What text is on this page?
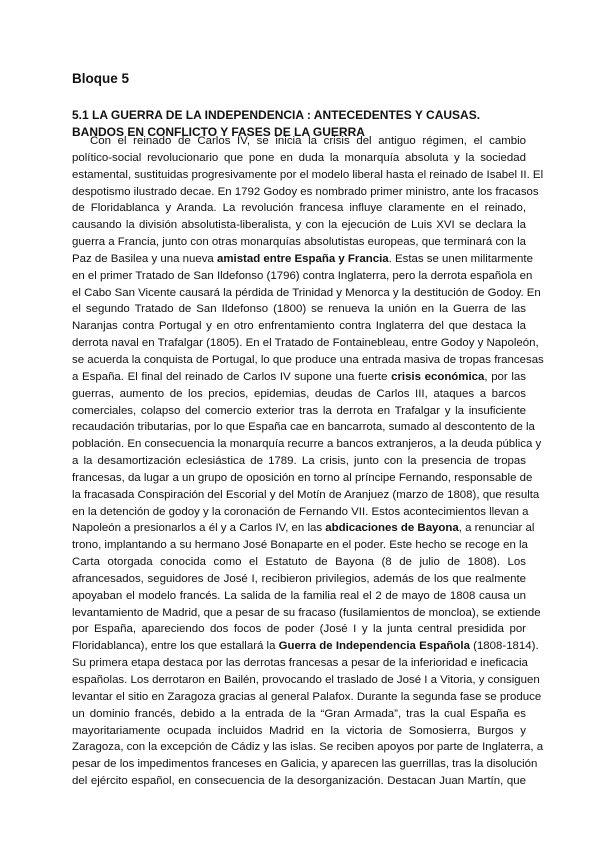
Bloque 5
5.1 LA GUERRA DE LA INDEPENDENCIA : ANTECEDENTES Y CAUSAS.
BANDOS EN CONFLICTO Y FASES DE LA GUERRA
Con el reinado de Carlos IV, se inicia la crisis del antiguo régimen, el cambio
político-social revolucionario que pone en duda la monarquía absoluta y la sociedad
estamental, sustituidas progresivamente por el modelo liberal hasta el reinado de Isabel II. El
despotismo ilustrado decae. En 1792 Godoy es nombrado primer ministro, ante los fracasos
de Floridablanca y Aranda. La revolución francesa influye claramente en el reinado,
causando la división absolutista-liberalista, y con la ejecución de Luis XVI se declara la
guerra a Francia, junto con otras monarquías absolutistas europeas, que terminará con la
Paz de Basilea y una nueva amistad entre España y Francia. Estas se unen militarmente
en el primer Tratado de San Ildefonso (1796) contra Inglaterra, pero la derrota española en
el Cabo San Vicente causará la pérdida de Trinidad y Menorca y la destitución de Godoy. En
el segundo Tratado de San Ildefonso (1800) se renueva la unión en la Guerra de las
Naranjas contra Portugal y en otro enfrentamiento contra Inglaterra del que destaca la
derrota naval en Trafalgar (1805). En el Tratado de Fontainebleau, entre Godoy y Napoleón,
se acuerda la conquista de Portugal, lo que produce una entrada masiva de tropas francesas
a España. El final del reinado de Carlos IV supone una fuerte crisis económica, por las
guerras, aumento de los precios, epidemias, deudas de Carlos III, ataques a barcos
comerciales, colapso del comercio exterior tras la derrota en Trafalgar y la insuficiente
recaudación tributarias, por lo que España cae en bancarrota, sumado al descontento de la
población. En consecuencia la monarquía recurre a bancos extranjeros, a la deuda pública y
a la desamortización eclesiástica de 1789. La crisis, junto con la presencia de tropas
francesas, da lugar a un grupo de oposición en torno al príncipe Fernando, responsable de
la fracasada Conspiración del Escorial y del Motín de Aranjuez (marzo de 1808), que resulta
en la detención de godoy y la coronación de Fernando VII. Estos acontecimientos llevan a
Napoleón a presionarlos a él y a Carlos IV, en las abdicaciones de Bayona, a renunciar al
trono, implantando a su hermano José Bonaparte en el poder. Este hecho se recoge en la
Carta otorgada conocida como el Estatuto de Bayona (8 de julio de 1808). Los
afrancesados, seguidores de José I, recibieron privilegios, además de los que realmente
apoyaban el modelo francés. La salida de la familia real el 2 de mayo de 1808 causa un
levantamiento de Madrid, que a pesar de su fracaso (fusilamientos de moncloa), se extiende
por España, apareciendo dos focos de poder (José I y la junta central presidida por
Floridablanca), entre los que estallará la Guerra de Independencia Española (1808-1814).
Su primera etapa destaca por las derrotas francesas a pesar de la inferioridad e ineficacia
españolas. Los derrotaron en Bailén, provocando el traslado de José I a Vitoria, y consiguen
levantar el sitio en Zaragoza gracias al general Palafox. Durante la segunda fase se produce
un dominio francés, debido a la entrada de la “Gran Armada”, tras la cual España es
mayoritariamente ocupada incluidos Madrid en la victoria de Somosierra, Burgos y
Zaragoza, con la excepción de Cádiz y las islas. Se reciben apoyos por parte de Inglaterra, a
pesar de los impedimentos franceses en Galicia, y aparecen las guerrillas, tras la disolución
del ejército español, en consecuencia de la desorganización. Destacan Juan Martín, que
